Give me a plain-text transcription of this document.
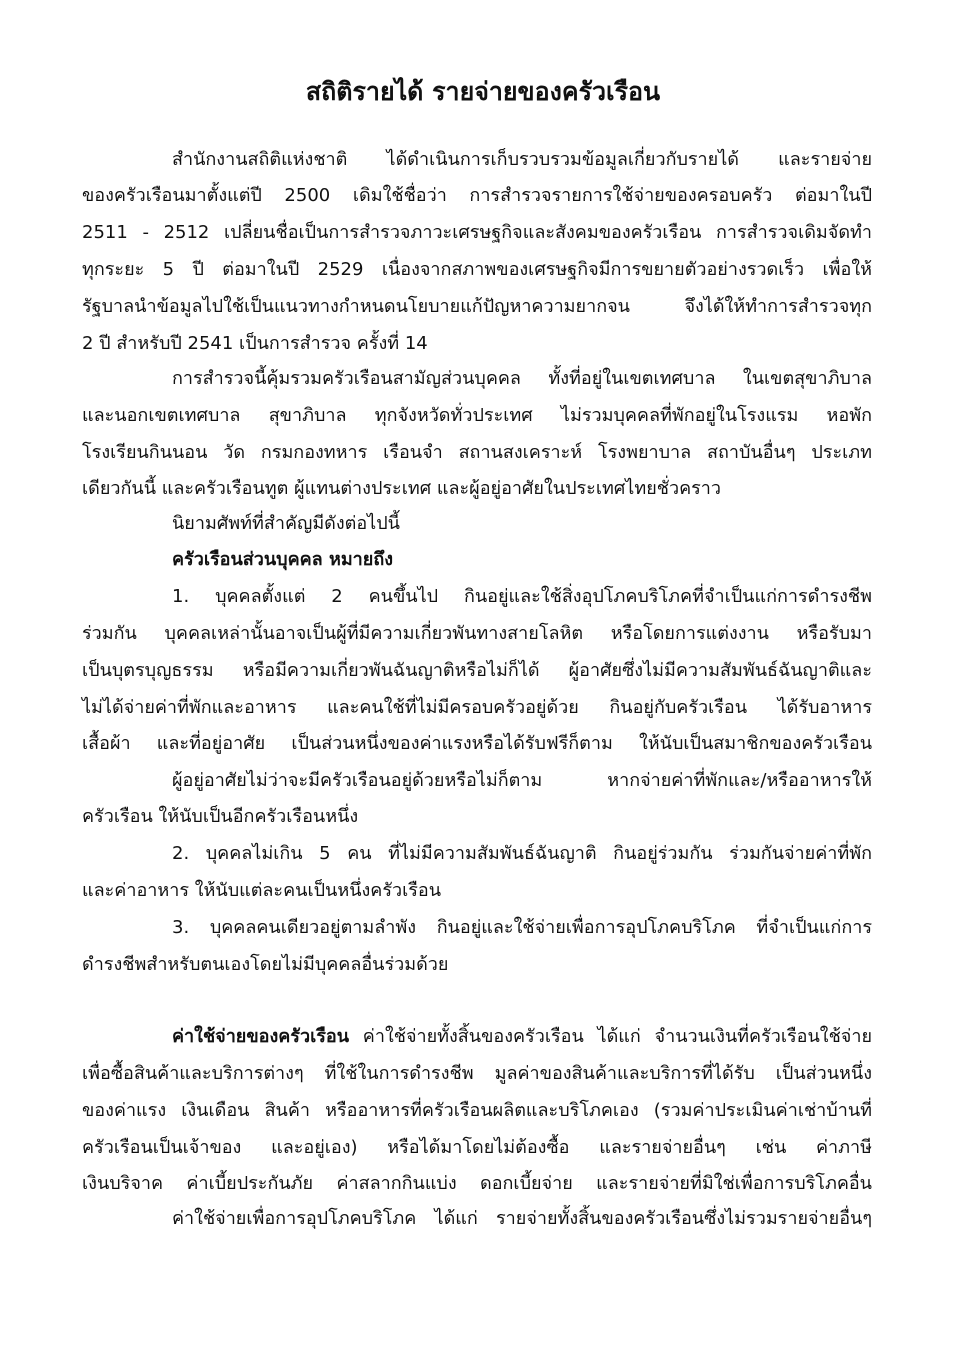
สถิติรายได้ รายจ่ายของครัวเรือน
สำนักงานสถิติแห่งชาติ ได้ดำเนินการเก็บรวบรวมข้อมูลเกี่ยวกับรายได้ และรายจ่าย
ของครัวเรือนมาตั้งแต่ปี 2500 เดิมใช้ชื่อว่า การสำรวจรายการใช้จ่ายของครอบครัว ต่อมาในปี
2511 - 2512 เปลี่ยนชื่อเป็นการสำรวจภาวะเศรษฐกิจและสังคมของครัวเรือน การสำรวจเดิมจัดทำ
ทุกระยะ 5 ปี ต่อมาในปี 2529 เนื่องจากสภาพของเศรษฐกิจมีการขยายตัวอย่างรวดเร็ว เพื่อให้
รัฐบาลนำข้อมูลไปใช้เป็นแนวทางกำหนดนโยบายแก้ปัญหาความยากจน จึงได้ให้ทำการสำรวจทุก
2 ปี สำหรับปี 2541 เป็นการสำรวจ ครั้งที่ 14
การสำรวจนี้คุ้มรวมครัวเรือนสามัญส่วนบุคคล ทั้งที่อยู่ในเขตเทศบาล ในเขตสุขาภิบาล
และนอกเขตเทศบาล สุขาภิบาล ทุกจังหวัดทั่วประเทศ ไม่รวมบุคคลที่พักอยู่ในโรงแรม หอพัก
โรงเรียนกินนอน วัด กรมกองทหาร เรือนจำ สถานสงเคราะห์ โรงพยาบาล สถาบันอื่นๆ ประเภท
เดียวกันนี้ และครัวเรือนทูต ผู้แทนต่างประเทศ และผู้อยู่อาศัยในประเทศไทยชั่วคราว
นิยามศัพท์ที่สำคัญมีดังต่อไปนี้
ครัวเรือนส่วนบุคคล หมายถึง
1. บุคคลตั้งแต่ 2 คนขึ้นไป กินอยู่และใช้สิ่งอุปโภคบริโภคที่จำเป็นแก่การดำรงชีพ
ร่วมกัน บุคคลเหล่านั้นอาจเป็นผู้ที่มีความเกี่ยวพันทางสายโลหิต หรือโดยการแต่งงาน หรือรับมา
เป็นบุตรบุญธรรม หรือมีความเกี่ยวพันฉันญาติหรือไม่ก็ได้ ผู้อาศัยซึ่งไม่มีความสัมพันธ์ฉันญาติและ
ไม่ได้จ่ายค่าที่พักและอาหาร และคนใช้ที่ไม่มีครอบครัวอยู่ด้วย กินอยู่กับครัวเรือน ได้รับอาหาร
เสื้อผ้า และที่อยู่อาศัย เป็นส่วนหนึ่งของค่าแรงหรือได้รับฟรีก็ตาม ให้นับเป็นสมาชิกของครัวเรือน
ผู้อยู่อาศัยไม่ว่าจะมีครัวเรือนอยู่ด้วยหรือไม่ก็ตาม หากจ่ายค่าที่พักและ/หรืออาหารให้
ครัวเรือน ให้นับเป็นอีกครัวเรือนหนึ่ง
2. บุคคลไม่เกิน 5 คน ที่ไม่มีความสัมพันธ์ฉันญาติ กินอยู่ร่วมกัน ร่วมกันจ่ายค่าที่พัก
และค่าอาหาร ให้นับแต่ละคนเป็นหนึ่งครัวเรือน
3. บุคคลคนเดียวอยู่ตามลำพัง กินอยู่และใช้จ่ายเพื่อการอุปโภคบริโภค ที่จำเป็นแก่การ
ดำรงชีพสำหรับตนเองโดยไม่มีบุคคลอื่นร่วมด้วย
ค่าใช้จ่ายของครัวเรือน ค่าใช้จ่ายทั้งสิ้นของครัวเรือน ได้แก่ จำนวนเงินที่ครัวเรือนใช้จ่าย
เพื่อซื้อสินค้าและบริการต่างๆ ที่ใช้ในการดำรงชีพ มูลค่าของสินค้าและบริการที่ได้รับ เป็นส่วนหนึ่ง
ของค่าแรง เงินเดือน สินค้า หรืออาหารที่ครัวเรือนผลิตและบริโภคเอง (รวมค่าประเมินค่าเช่าบ้านที่
ครัวเรือนเป็นเจ้าของ และอยู่เอง) หรือได้มาโดยไม่ต้องซื้อ และรายจ่ายอื่นๆ เช่น ค่าภาษี
เงินบริจาค ค่าเบี้ยประกันภัย ค่าสลากกินแบ่ง ดอกเบี้ยจ่าย และรายจ่ายที่มิใช่เพื่อการบริโภคอื่น
ค่าใช้จ่ายเพื่อการอุปโภคบริโภค ได้แก่ รายจ่ายทั้งสิ้นของครัวเรือนซึ่งไม่รวมรายจ่ายอื่นๆ
